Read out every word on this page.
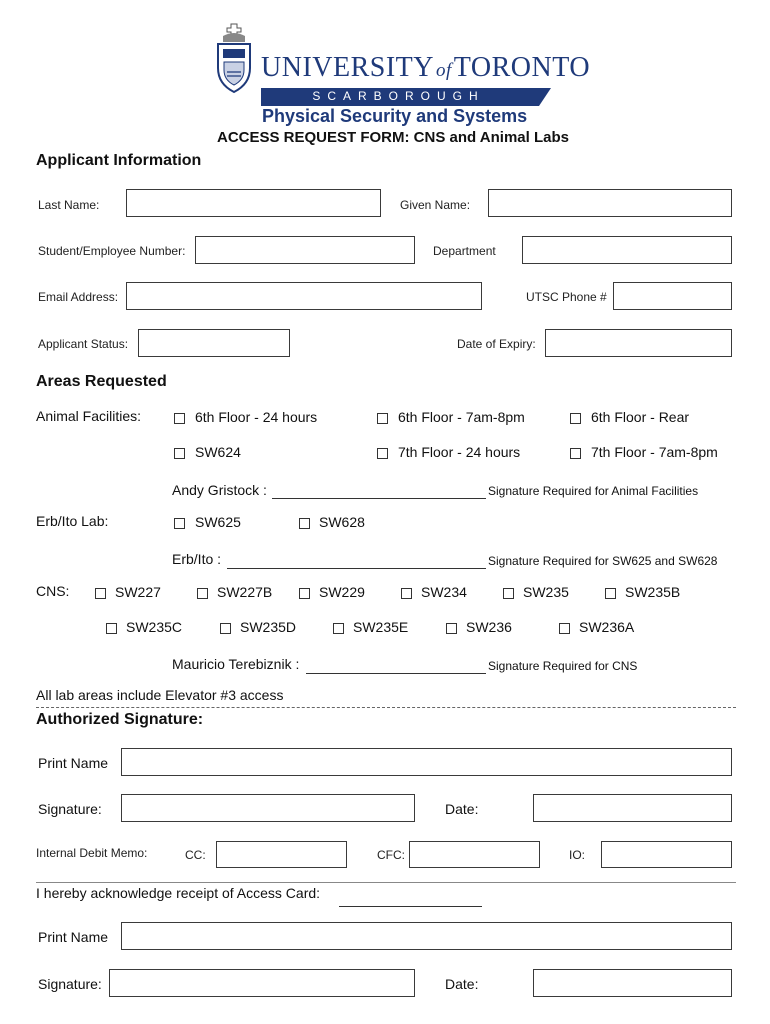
UNIVERSITY ofTORONTO
SCARBOROUGH
Physical Security and Systems
ACCESS REQUEST FORM: CNS and Animal Labs
Applicant Information
Last Name:	Given Name:
Student/Employee Number:	Department
Email Address:	UTSC Phone #
Applicant Status:	Date of Expiry:
Areas Requested
Animal Facilities:	6th Floor - 24 hours	6th Floor - 7am-8pm	6th Floor - Rear
SW624	7th Floor - 24 hours	7th Floor - 7am-8pm
Andy Gristock :	Signature Required for Animal Facilities
Erb/Ito Lab:	SW625	SW628
Erb/Ito :	Signature Required for SW625 and SW628
CNS:	SW227	SW227B	SW229	SW234	SW235	SW235B
SW235C	SW235D	SW235E	SW236	SW236A
Mauricio Terebiznik :	Signature Required for CNS
All lab areas include Elevator #3 access
Authorized Signature:
Print Name
Signature:	Date:
Internal Debit Memo:	CC:	CFC:	IO:
I hereby acknowledge receipt of Access Card:
Print Name
Signature:	Date:
